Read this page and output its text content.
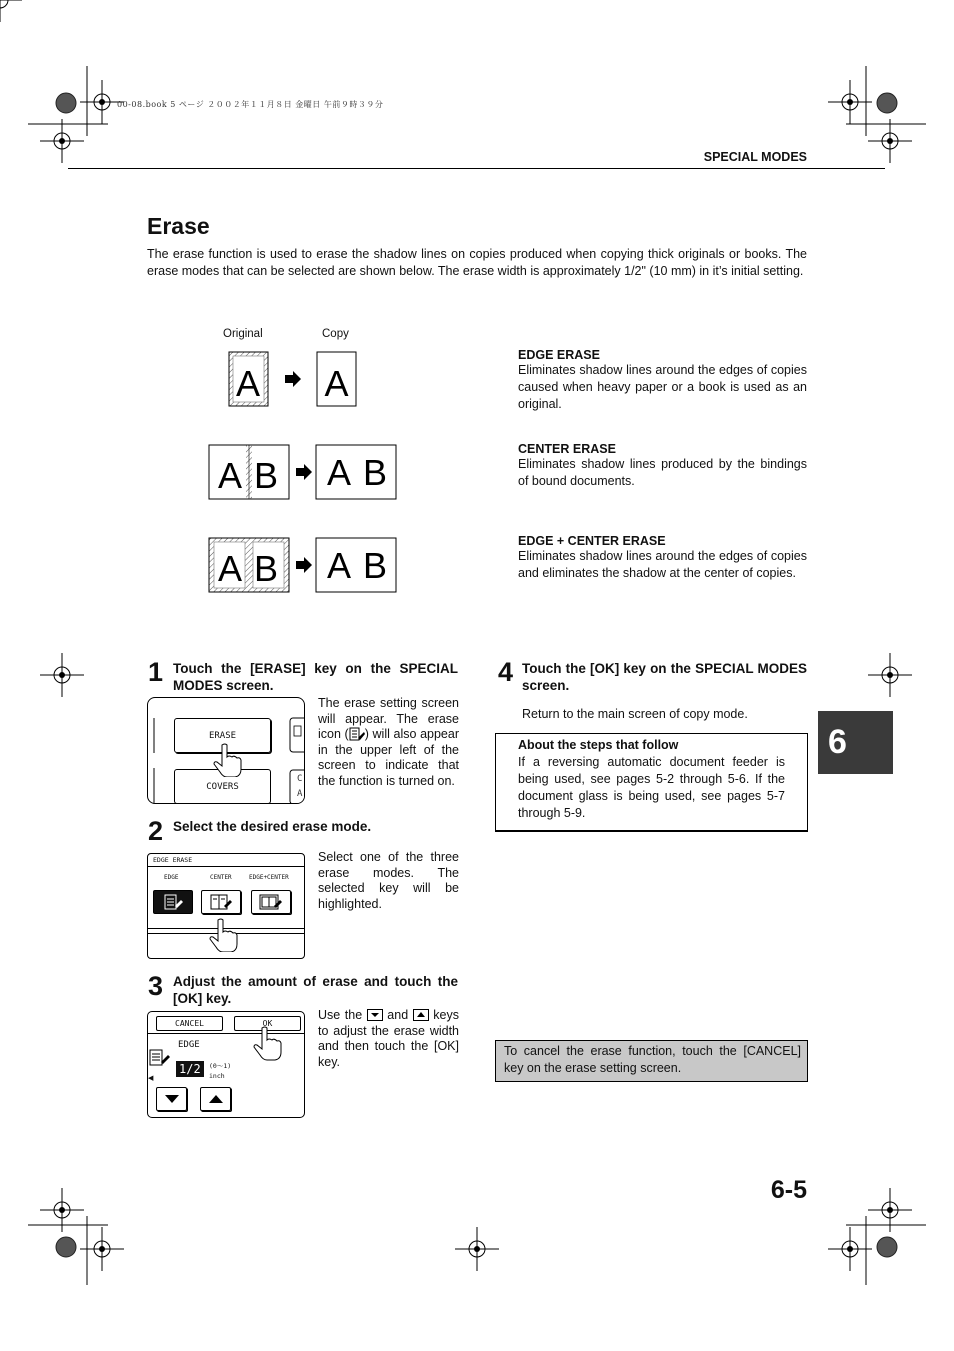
00-08.book 5 ページ ２００２年１１月８日 金曜日 午前９時３９分
SPECIAL MODES
Erase
The erase function is used to erase the shadow lines on copies produced when copying thick originals or books. The erase modes that can be selected are shown below. The erase width is approximately 1/2" (10 mm) in it’s initial setting.
Original	Copy
A A
A B A B
A B A B
EDGE ERASE
Eliminates shadow lines around the edges of copies caused when heavy paper or a book is used as an original.
CENTER ERASE
Eliminates shadow lines produced by the bindings of bound documents.
EDGE + CENTER ERASE
Eliminates shadow lines around the edges of copies and eliminates the shadow at the center of copies.
1 Touch the [ERASE] key on the SPECIAL MODES screen.
ERASE
COVERS
C
A
The erase setting screen will appear. The erase icon ( ) will also appear in the upper left of the screen to indicate that the function is turned on.
2 Select the desired erase mode.
EDGE ERASE
EDGE	CENTER	EDGE+CENTER
Select one of the three erase modes. The selected key will be highlighted.
3 Adjust the amount of erase and touch the [OK] key.
CANCEL	OK
EDGE
1/2	(0〜1)
inch
◀
Use the and keys to adjust the erase width and then touch the [OK] key.
4 Touch the [OK] key on the SPECIAL MODES screen.
Return to the main screen of copy mode.
About the steps that follow
If a reversing automatic document feeder is being used, see pages 5-2 through 5-6. If the document glass is being used, see pages 5-7 through 5-9.
To cancel the erase function, touch the [CANCEL] key on the erase setting screen.
6
6-5
